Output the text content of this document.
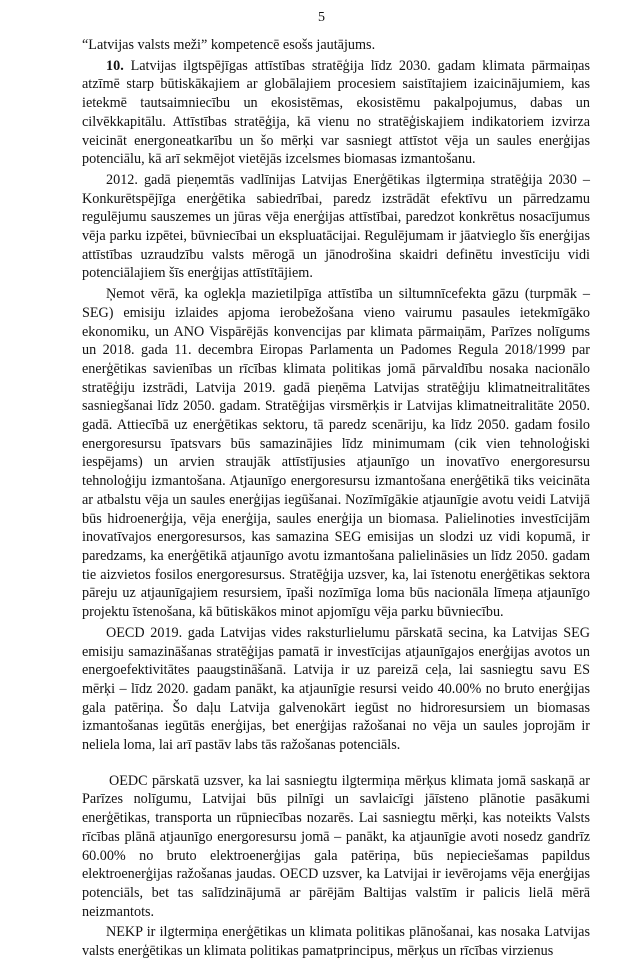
5

“Latvijas valsts meži” kompetencē esošs jautājums.

10. Latvijas ilgtspējīgas attīstības stratēģija līdz 2030. gadam klimata pārmaiņas atzīmē starp būtiskākajiem ar globālajiem procesiem saistītajiem izaicinājumiem, kas ietekmē tautsaimniecību un ekosistēmas, ekosistēmu pakalpojumus, dabas un cilvēkkapitālu. Attīstības stratēģija, kā vienu no stratēģiskajiem indikatoriem izvirza veicināt energoneatkarību un šo mērķi var sasniegt attīstot vēja un saules enerģijas potenciālu, kā arī sekmējot vietējās izcelsmes biomasas izmantošanu.

2012. gadā pieņemtās vadlīnijas Latvijas Enerģētikas ilgtermiņa stratēģija 2030 – Konkurētspējīga enerģētika sabiedrībai, paredz izstrādāt efektīvu un pārredzamu regulējumu sauszemes un jūras vēja enerģijas attīstībai, paredzot konkrētus nosacījumus vēja parku izpētei, būvniecībai un ekspluatācijai. Regulējumam ir jāatvieglo šīs enerģijas attīstības uzraudzību valsts mērogā un jānodrošina skaidri definētu investīciju vidi potenciālajiem šīs enerģijas attīstītājiem.

Ņemot vērā, ka oglekļa mazietilpīga attīstība un siltumnīcefekta gāzu (turpmāk – SEG) emisiju izlaides apjoma ierobežošana vieno vairumu pasaules ietekmīgāko ekonomiku, un ANO Vispārējās konvencijas par klimata pārmaiņām, Parīzes nolīgums un 2018. gada 11. decembra Eiropas Parlamenta un Padomes Regula 2018/1999 par enerģētikas savienības un rīcības klimata politikas jomā pārvaldību nosaka nacionālo stratēģiju izstrādi, Latvija 2019. gadā pieņēma Latvijas stratēģiju klimatneitralitātes sasniegšanai līdz 2050. gadam. Stratēģijas virsmērķis ir Latvijas klimatneitralitāte 2050. gadā. Attiecībā uz enerģētikas sektoru, tā paredz scenāriju, ka līdz 2050. gadam fosilo energoresursu īpatsvars būs samazinājies līdz minimumam (cik vien tehnoloģiski iespējams) un arvien straujāk attīstījusies atjaunīgo un inovatīvo energoresursu tehnoloģiju izmantošana. Atjaunīgo energoresursu izmantošana enerģētikā tiks veicināta ar atbalstu vēja un saules enerģijas iegūšanai. Nozīmīgākie atjaunīgie avotu veidi Latvijā būs hidroenerģija, vēja enerģija, saules enerģija un biomasa. Palielinoties investīcijām inovatīvajos energoresursos, kas samazina SEG emisijas un slodzi uz vidi kopumā, ir paredzams, ka enerģētikā atjaunīgo avotu izmantošana palielināsies un līdz 2050. gadam tie aizvietos fosilos energoresursus. Stratēģija uzsver, ka, lai īstenotu enerģētikas sektora pāreju uz atjaunīgajiem resursiem, īpaši nozīmīga loma būs nacionāla līmeņa atjaunīgo projektu īstenošana, kā būtiskākos minot apjomīgu vēja parku būvniecību.

OECD 2019. gada Latvijas vides raksturlielumu pārskatā secina, ka Latvijas SEG emisiju samazināšanas stratēģijas pamatā ir investīcijas atjaunīgajos enerģijas avotos un energoefektivitātes paaugstināšanā. Latvija ir uz pareizā ceļa, lai sasniegtu savu ES mērķi – līdz 2020. gadam panākt, ka atjaunīgie resursi veido 40.00% no bruto enerģijas gala patēriņa. Šo daļu Latvija galvenokārt iegūst no hidroresursiem un biomasas izmantošanas iegūtās enerģijas, bet enerģijas ražošanai no vēja un saules joprojām ir neliela loma, lai arī pastāv labs tās ražošanas potenciāls.

OEDC pārskatā uzsver, ka lai sasniegtu ilgtermiņa mērķus klimata jomā saskaņā ar Parīzes nolīgumu, Latvijai būs pilnīgi un savlaicīgi jāīsteno plānotie pasākumi enerģētikas, transporta un rūpniecības nozarēs. Lai sasniegtu mērķi, kas noteikts Valsts rīcības plānā atjaunīgo energoresursu jomā – panākt, ka atjaunīgie avoti nosedz gandrīz 60.00% no bruto elektroenerģijas gala patēriņa, būs nepieciešamas papildus elektroenerģijas ražošanas jaudas. OECD uzsver, ka Latvijai ir ievērojams vēja enerģijas potenciāls, bet tas salīdzinājumā ar pārējām Baltijas valstīm ir palicis lielā mērā neizmantots.

NEKP ir ilgtermiņa enerģētikas un klimata politikas plānošanai, kas nosaka Latvijas valsts enerģētikas un klimata politikas pamatprincipus, mērķus un rīcības virzienus
